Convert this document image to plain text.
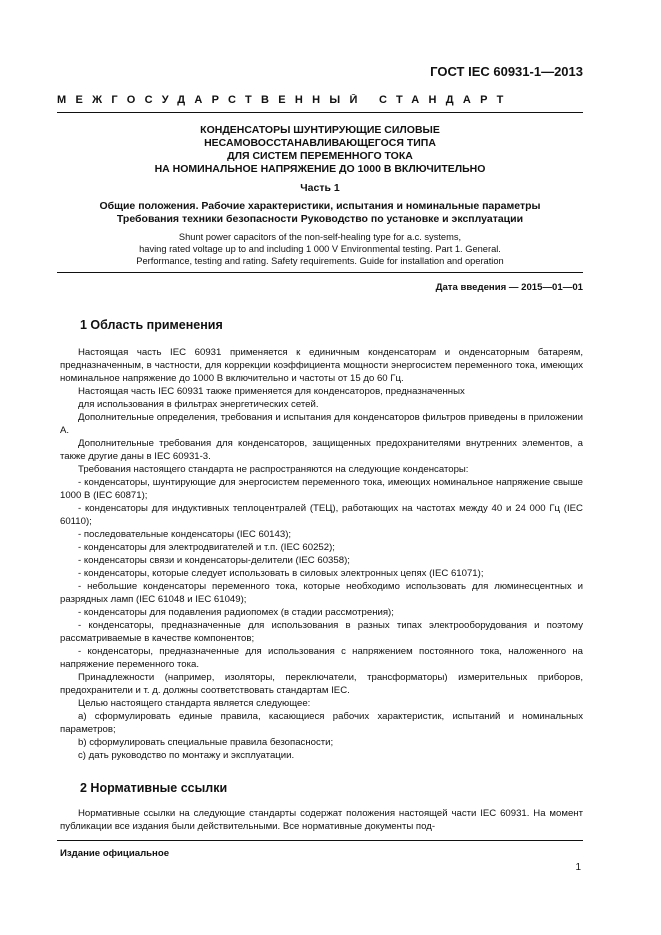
ГОСТ IEC 60931-1—2013
МЕЖГОСУДАРСТВЕННЫЙ СТАНДАРТ
КОНДЕНСАТОРЫ ШУНТИРУЮЩИЕ СИЛОВЫЕ
НЕСАМОВОССТАНАВЛИВАЮЩЕГОСЯ ТИПА
ДЛЯ СИСТЕМ ПЕРЕМЕННОГО ТОКА
НА НОМИНАЛЬНОЕ НАПРЯЖЕНИЕ ДО 1000 В ВКЛЮЧИТЕЛЬНО
Часть 1
Общие положения. Рабочие характеристики, испытания и номинальные параметры
Требования техники безопасности Руководство по установке и эксплуатации
Shunt power capacitors of the non-self-healing type for a.c. systems,
having rated voltage up to and including 1 000 V Environmental testing. Part 1. General.
Performance, testing and rating. Safety requirements. Guide for installation and operation
Дата введения — 2015—01—01
1 Область применения

Настоящая часть IEC 60931 применяется к единичным конденсаторам и онденсаторным батареям, предназначенным, в частности, для коррекции коэффициента мощности энергосистем переменного тока, имеющих номинальное напряжение до 1000 В включительно и частоты от 15 до 60 Гц.

Настоящая часть IEC 60931 также применяется для конденсаторов, предназначенных

для использования в фильтрах энергетических сетей.

Дополнительные определения, требования и испытания для конденсаторов фильтров приведены в приложении А.

Дополнительные требования для конденсаторов, защищенных предохранителями внутренних элементов, а также другие даны в IEC 60931-3.

Требования настоящего стандарта не распространяются на следующие конденсаторы:

- конденсаторы, шунтирующие для энергосистем переменного тока, имеющих номинальное напряжение свыше 1000 В (IEC 60871);

- конденсаторы для индуктивных теплоцентралей (ТЕЦ), работающих на частотах между 40 и 24 000 Гц (IEC 60110);

- последовательные конденсаторы (IEC 60143);

- конденсаторы для электродвигателей и т.п. (IEC 60252);

- конденсаторы связи и конденсаторы-делители (IEC 60358);

- конденсаторы, которые следует использовать в силовых электронных цепях (IEC 61071);

- небольшие конденсаторы переменного тока, которые необходимо использовать для люминесцентных и разрядных ламп (IEC 61048 и IEC 61049);

- конденсаторы для подавления радиопомех (в стадии рассмотрения);

- конденсаторы, предназначенные для использования в разных типах электрооборудования и поэтому рассматриваемые в качестве компонентов;

- конденсаторы, предназначенные для использования с напряжением постоянного тока, наложенного на напряжение переменного тока.

Принадлежности (например, изоляторы, переключатели, трансформаторы) измерительных приборов, предохранители и т. д. должны соответствовать стандартам IEC.

Целью настоящего стандарта является следующее:

a) сформулировать единые правила, касающиеся рабочих характеристик, испытаний и номинальных параметров;

b) сформулировать специальные правила безопасности;

c) дать руководство по монтажу и эксплуатации.

2 Нормативные ссылки

Нормативные ссылки на следующие стандарты содержат положения настоящей части IEC 60931. На момент публикации все издания были действительными. Все нормативные документы под-

Издание официальное
1
